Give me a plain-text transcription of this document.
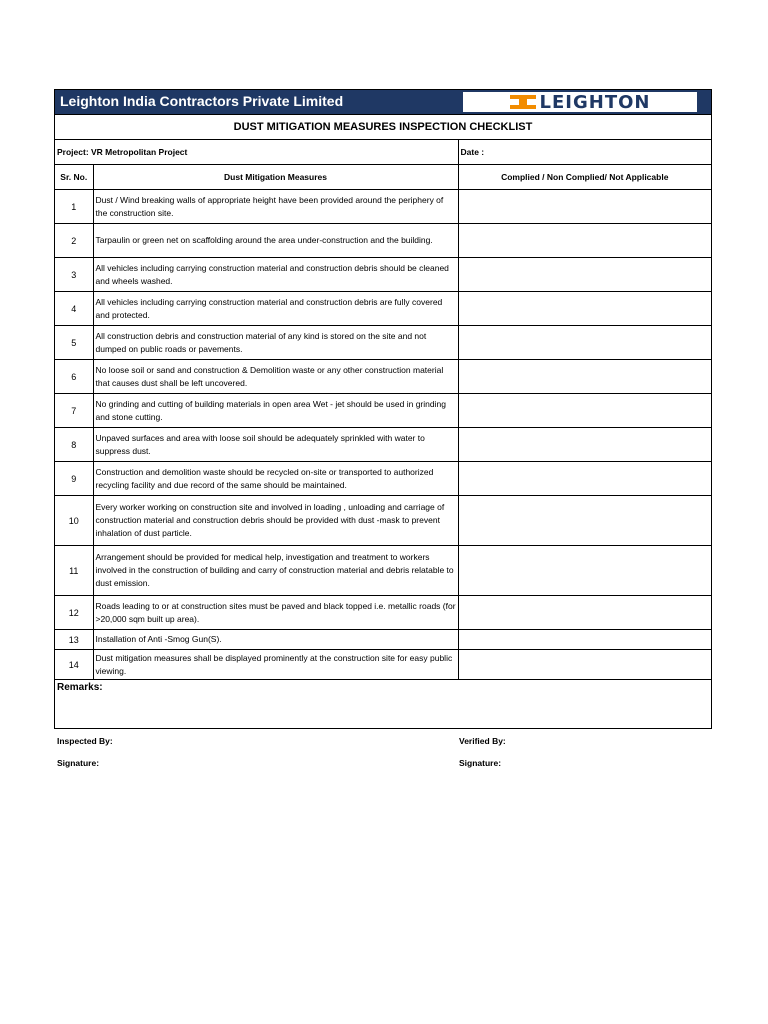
Leighton India Contractors Private Limited	LEIGHTON
DUST MITIGATION MEASURES INSPECTION CHECKLIST
Project: VR Metropolitan Project		Date :
Sr. No.	Dust Mitigation Measures	Complied / Non Complied/ Not Applicable
1	Dust / Wind breaking walls of appropriate height have been provided around the periphery of the construction site.	
2	Tarpaulin or green net on scaffolding around the area under-construction and the building.	
3	All vehicles including carrying construction material and construction debris should be cleaned and wheels washed.	
4	All vehicles including carrying construction material and construction debris are fully covered and protected.	
5	All construction debris and construction material of any kind is stored on the site and not dumped on public roads or pavements.	
6	No loose soil or sand and construction & Demolition waste or any other construction material that causes dust shall be left uncovered.	
7	No grinding and cutting of building materials in open area Wet - jet should be used in grinding and stone cutting.	
8	Unpaved surfaces and area with loose soil should be adequately sprinkled with water to suppress dust.	
9	Construction and demolition waste should be recycled on-site or transported to authorized recycling facility and due record of the same should be maintained.	
10	Every worker working on construction site and involved in loading , unloading and carriage of construction material and construction debris should be provided with dust -mask to prevent inhalation of dust particle.	
11	Arrangement should be provided for medical help, investigation and treatment to workers involved in the construction of building and carry of construction material and debris relatable to dust emission.	
12	Roads leading to or at construction sites must be paved and black topped i.e. metallic roads (for >20,000 sqm built up area).	
13	Installation of Anti -Smog Gun(S).	
14	Dust mitigation measures shall be displayed prominently at the construction site for easy public viewing.	
Remarks:		
Inspected By:	Verified By:
Signature:	Signature:
